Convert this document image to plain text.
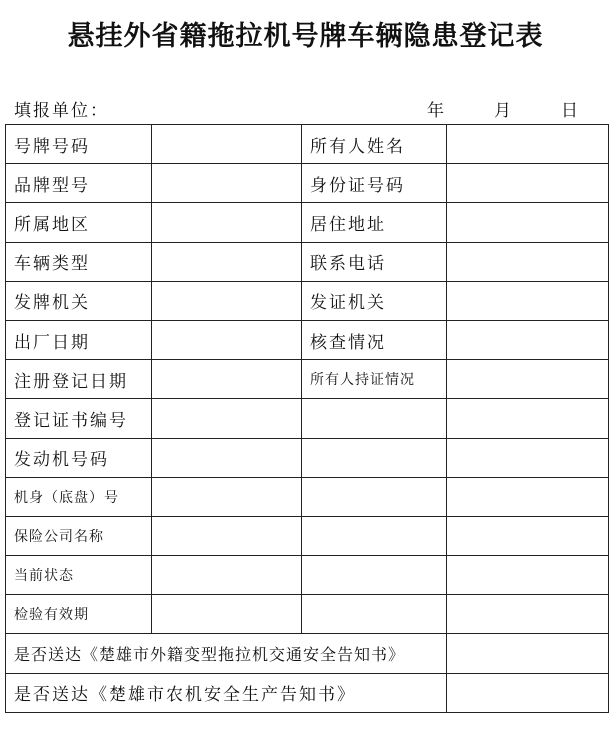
悬挂外省籍拖拉机号牌车辆隐患登记表
填报单位：	年	月	日
号牌号码		所有人姓名	
品牌型号		身份证号码	
所属地区		居住地址	
车辆类型		联系电话	
发牌机关		发证机关	
出厂日期		核查情况	
注册登记日期		所有人持证情况	
登记证书编号			
发动机号码			
机身（底盘）号			
保险公司名称			
当前状态			
检验有效期			
是否送达《楚雄市外籍变型拖拉机交通安全告知书》			
是否送达《楚雄市农机安全生产告知书》			
